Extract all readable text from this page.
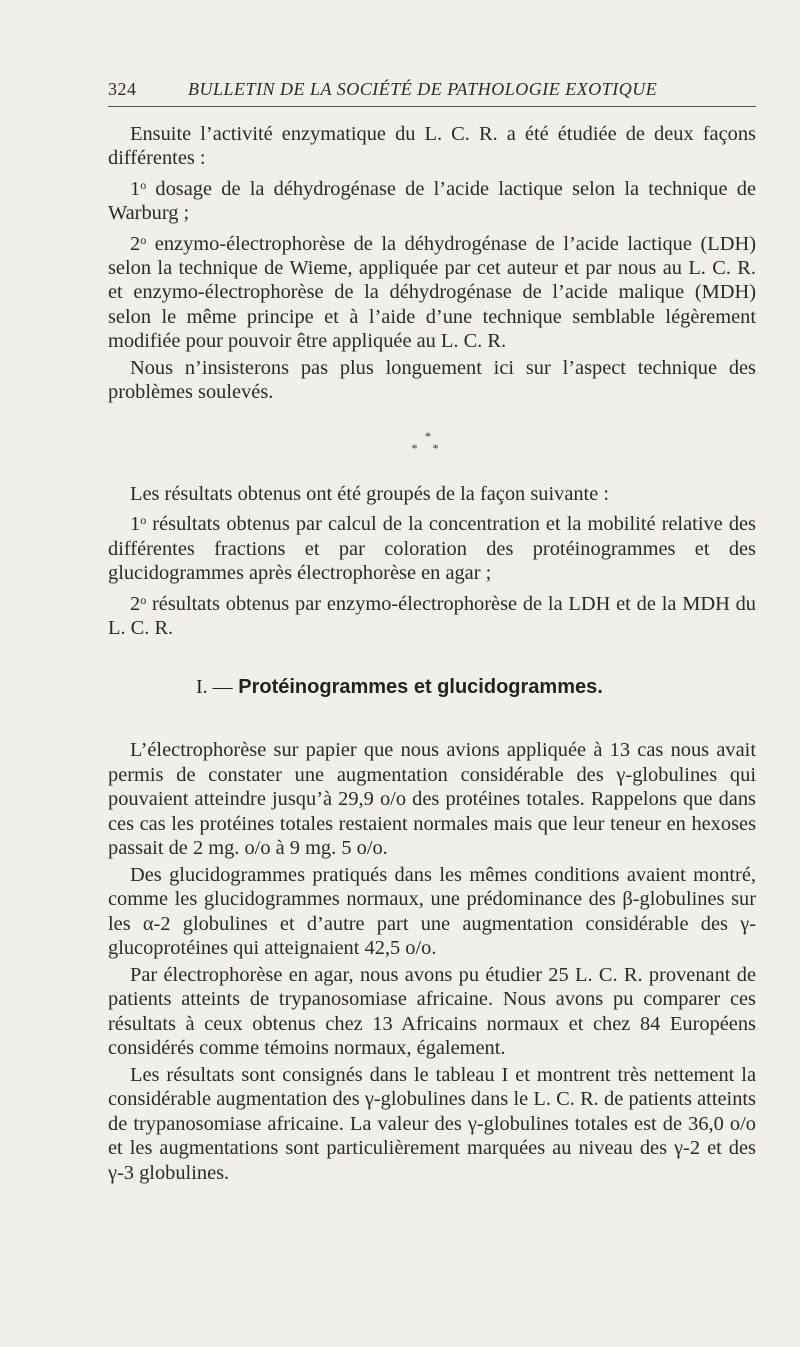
324	BULLETIN DE LA SOCIÉTÉ DE PATHOLOGIE EXOTIQUE

Ensuite l’activité enzymatique du L. C. R. a été étudiée de deux façons différentes :

1$^o$ dosage de la déhydrogénase de l’acide lactique selon la technique de Warburg ;

2$^o$ enzymo-électrophorèse de la déhydrogénase de l’acide lactique (LDH) selon la technique de Wieme, appliquée par cet auteur et par nous au L. C. R. et enzymo-électrophorèse de la déhydrogénase de l’acide malique (MDH) selon le même principe et à l’aide d’une technique semblable légèrement modifiée pour pouvoir être appliquée au L. C. R.

Nous n’insisterons pas plus longuement ici sur l’aspect technique des problèmes soulevés.

*
* *

Les résultats obtenus ont été groupés de la façon suivante :

1$^o$ résultats obtenus par calcul de la concentration et la mobilité relative des différentes fractions et par coloration des protéinogrammes et des glucidogrammes après électrophorèse en agar ;

2$^o$ résultats obtenus par enzymo-électrophorèse de la LDH et de la MDH du L. C. R.

I. — Protéinogrammes et glucidogrammes.

L’électrophorèse sur papier que nous avions appliquée à 13 cas nous avait permis de constater une augmentation considérable des γ-globulines qui pouvaient atteindre jusqu’à 29,9 o/o des protéines totales. Rappelons que dans ces cas les protéines totales restaient normales mais que leur teneur en hexoses passait de 2 mg. o/o à 9 mg. 5 o/o.

Des glucidogrammes pratiqués dans les mêmes conditions avaient montré, comme les glucidogrammes normaux, une prédominance des β-globulines sur les α-2 globulines et d’autre part une augmentation considérable des γ-glucoprotéines qui atteignaient 42,5 o/o.

Par électrophorèse en agar, nous avons pu étudier 25 L. C. R. provenant de patients atteints de trypanosomiase africaine. Nous avons pu comparer ces résultats à ceux obtenus chez 13 Africains normaux et chez 84 Européens considérés comme témoins normaux, également.

Les résultats sont consignés dans le tableau I et montrent très nettement la considérable augmentation des γ-globulines dans le L. C. R. de patients atteints de trypanosomiase africaine. La valeur des γ-globulines totales est de 36,0 o/o et les augmentations sont particulièrement marquées au niveau des γ-2 et des γ-3 globulines.
